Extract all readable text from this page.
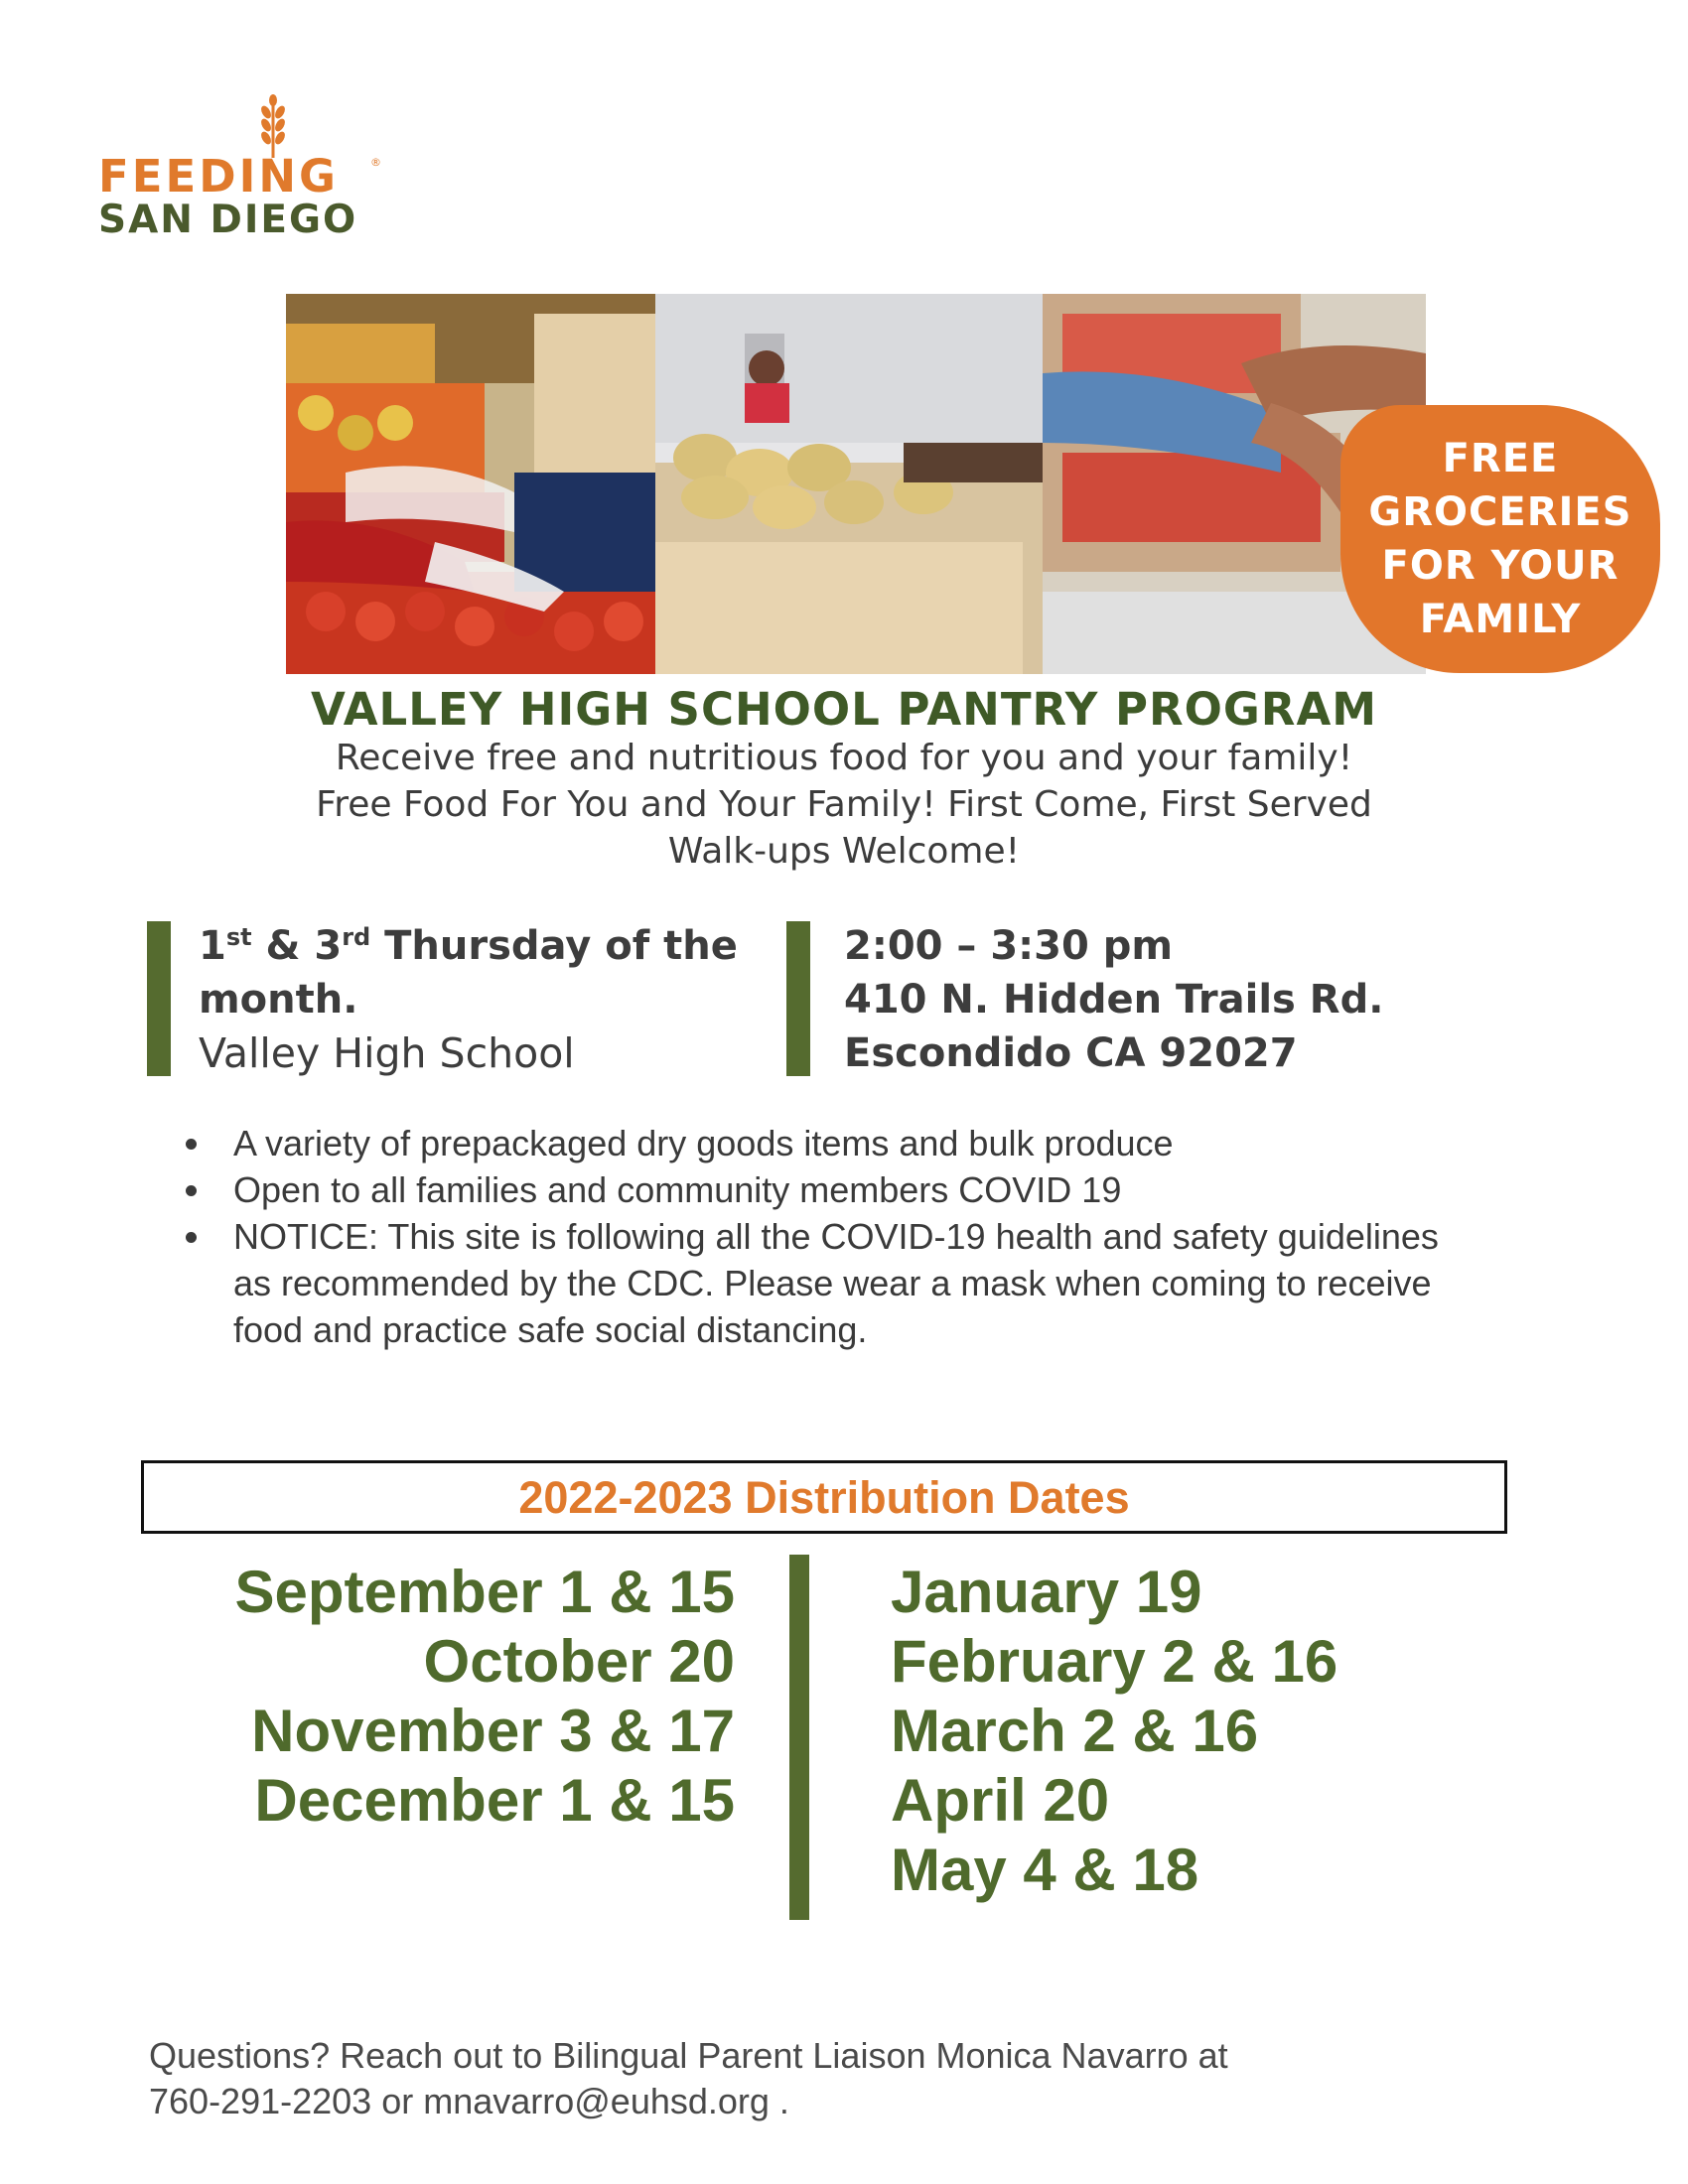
FEEDING	®
SAN DIEGO
FREE GROCERIES FOR YOUR FAMILY
VALLEY HIGH SCHOOL PANTRY PROGRAM
Receive free and nutritious food for you and your family!
Free Food For You and Your Family! First Come, First Served
Walk-ups Welcome!
1st & 3rd Thursday of the
month.
Valley High School
2:00 – 3:30 pm
410 N. Hidden Trails Rd.
Escondido CA 92027
A variety of prepackaged dry goods items and bulk produce
Open to all families and community members COVID 19
NOTICE: This site is following all the COVID-19 health and safety guidelines as recommended by the CDC. Please wear a mask when coming to receive food and practice safe social distancing.
2022-2023 Distribution Dates
September 1 & 15
October 20
November 3 & 17
December 1 & 15
January 19
February 2 & 16
March 2 & 16
April 20
May 4 & 18
Questions? Reach out to Bilingual Parent Liaison Monica Navarro at
760-291-2203 or mnavarro@euhsd.org .
